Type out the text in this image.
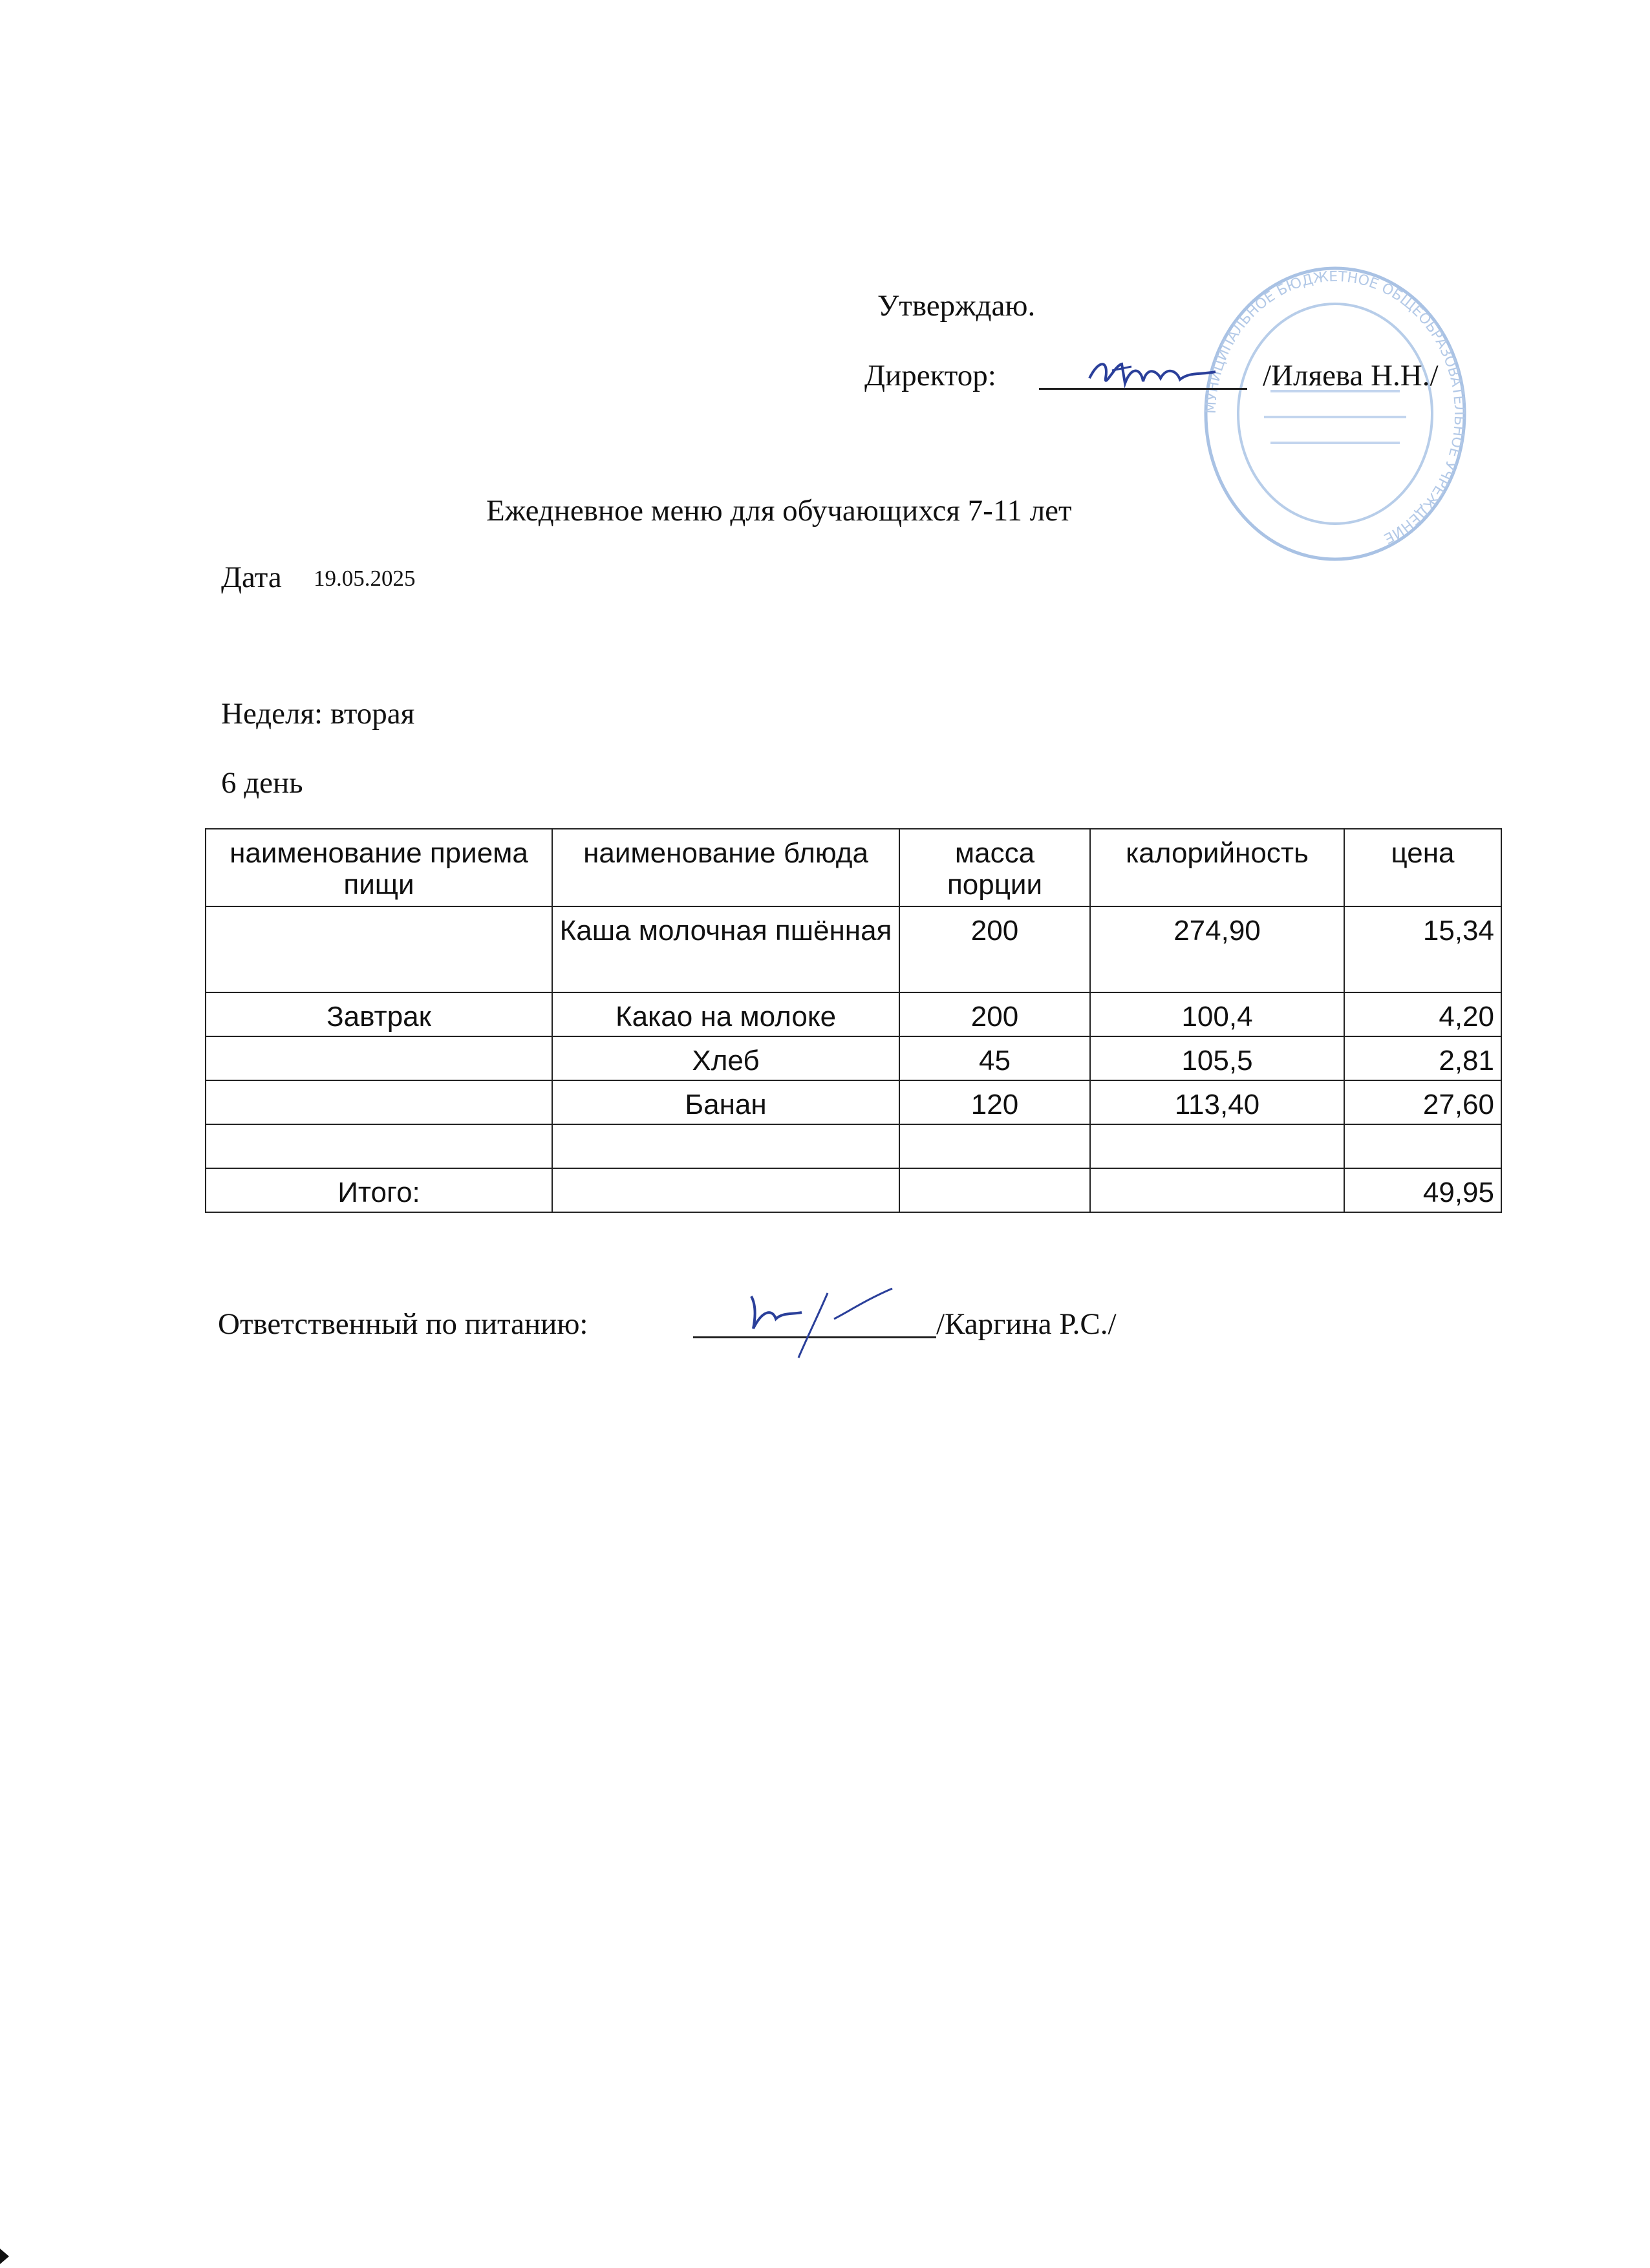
МУНИЦИПАЛЬНОЕ БЮДЖЕТНОЕ ОБЩЕОБРАЗОВАТЕЛЬНОЕ УЧРЕЖДЕНИЕ
Утверждаю.
Директор:	/Иляева Н.Н./
Ежедневное меню для обучающихся 7-11 лет
Дата 19.05.2025
Неделя: вторая
6 день
наименование приема пищи	наименование блюда	масса порции	калорийность	цена
	Каша молочная пшённая	200	274,90	15,34
Завтрак	Какао на молоке	200	100,4	4,20
	Хлеб	45	105,5	2,81
	Банан	120	113,40	27,60

Итого:				49,95
Ответственный по питанию:	/Каргина Р.С./
